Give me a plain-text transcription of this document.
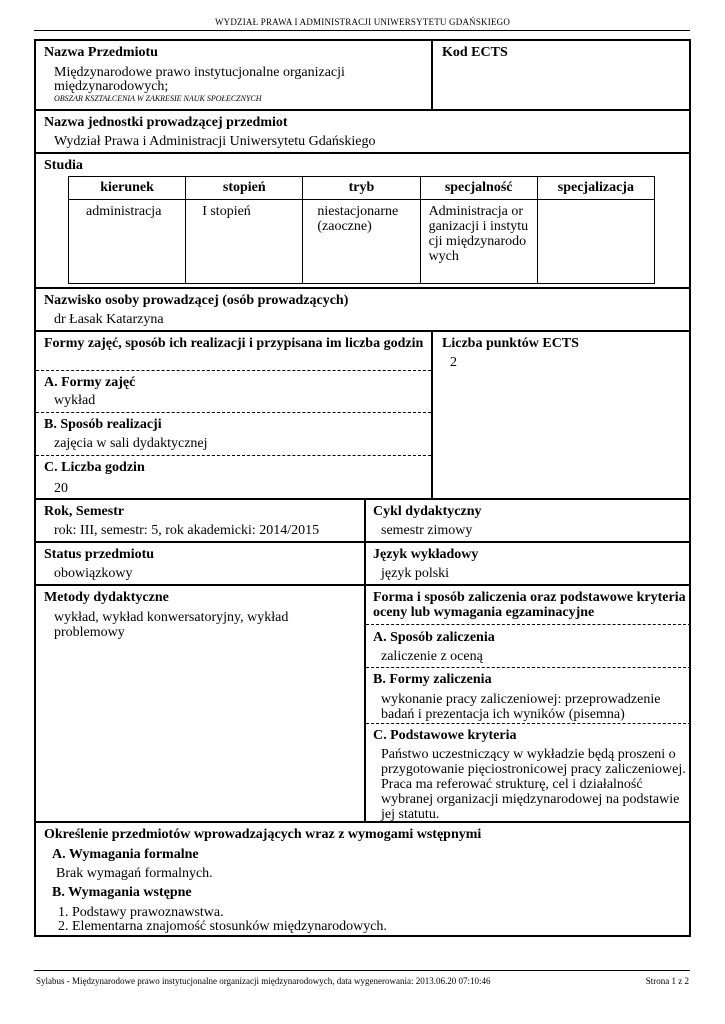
WYDZIAŁ PRAWA I ADMINISTRACJI UNIWERSYTETU GDAŃSKIEGO
Nazwa Przedmiotu
Międzynarodowe prawo instytucjonalne organizacji
międzynarodowych;
OBSZAR KSZTAŁCENIA W ZAKRESIE NAUK SPOŁECZNYCH
Kod ECTS
Nazwa jednostki prowadzącej przedmiot
Wydział Prawa i Administracji Uniwersytetu Gdańskiego
Studia
kierunek	stopień	tryb	specjalność	specjalizacja
administracja	I stopień	niestacjonarne (zaoczne)	Administracja organizacji i instytucji międzynarodowych	
Nazwisko osoby prowadzącej (osób prowadzących)
dr Łasak Katarzyna
Formy zajęć, sposób ich realizacji i przypisana im liczba godzin
A. Formy zajęć
wykład
B. Sposób realizacji
zajęcia w sali dydaktycznej
C. Liczba godzin
20
Liczba punktów ECTS
2
Rok, Semestr
rok: III, semestr: 5, rok akademicki: 2014/2015
Cykl dydaktyczny
semestr zimowy
Status przedmiotu
obowiązkowy
Język wykładowy
język polski
Metody dydaktyczne
wykład, wykład konwersatoryjny, wykład problemowy
Forma i sposób zaliczenia oraz podstawowe kryteria oceny lub wymagania egzaminacyjne
A. Sposób zaliczenia
zaliczenie z oceną
B. Formy zaliczenia
wykonanie pracy zaliczeniowej: przeprowadzenie badań i prezentacja ich wyników (pisemna)
C. Podstawowe kryteria
Państwo uczestniczący w wykładzie będą proszeni o przygotowanie pięciostronicowej pracy zaliczeniowej. Praca ma referować strukturę, cel i działalność wybranej organizacji międzynarodowej na podstawie jej statutu.
Określenie przedmiotów wprowadzających wraz z wymogami wstępnymi
A. Wymagania formalne
Brak wymagań formalnych.
B. Wymagania wstępne
1. Podstawy prawoznawstwa.
2. Elementarna znajomość stosunków międzynarodowych.
Sylabus - Międzynarodowe prawo instytucjonalne organizacji międzynarodowych, data wygenerowania: 2013.06.20 07:10:46	Strona 1 z 2
